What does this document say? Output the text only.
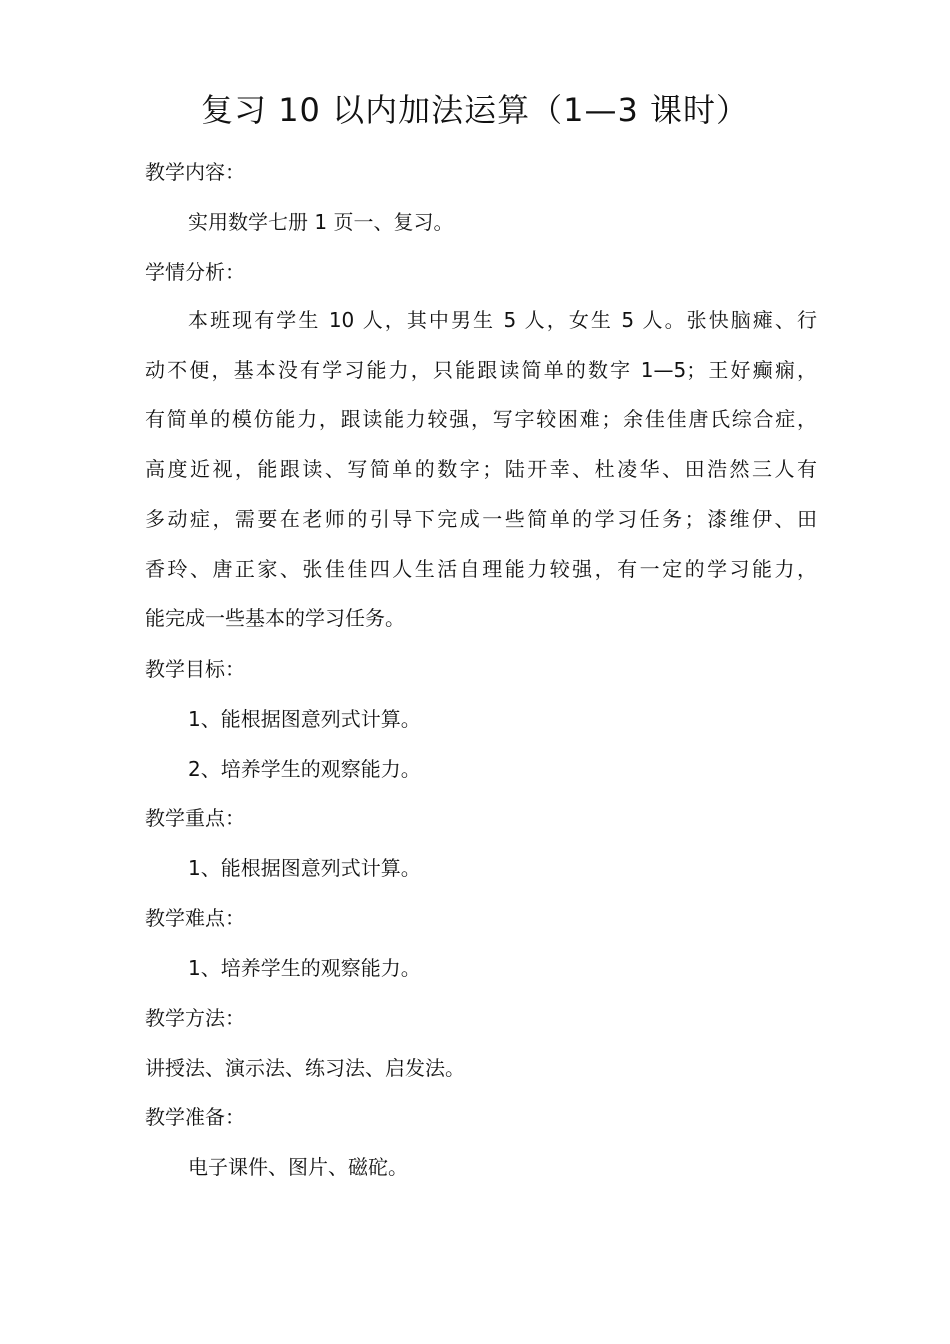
复习 10 以内加法运算（1—3 课时）
教学内容：
实用数学七册 1 页一、复习。
学情分析：
本班现有学生 10 人，其中男生 5 人，女生 5 人。张快脑瘫、行
动不便，基本没有学习能力，只能跟读简单的数字 1—5；王好癫痫，
有简单的模仿能力，跟读能力较强，写字较困难；余佳佳唐氏综合症，
高度近视，能跟读、写简单的数字；陆开幸、杜凌华、田浩然三人有
多动症，需要在老师的引导下完成一些简单的学习任务；漆维伊、田
香玲、唐正家、张佳佳四人生活自理能力较强，有一定的学习能力，
能完成一些基本的学习任务。
教学目标：
1、能根据图意列式计算。
2、培养学生的观察能力。
教学重点：
1、能根据图意列式计算。
教学难点：
1、培养学生的观察能力。
教学方法：
讲授法、演示法、练习法、启发法。
教学准备：
电子课件、图片、磁砣。
